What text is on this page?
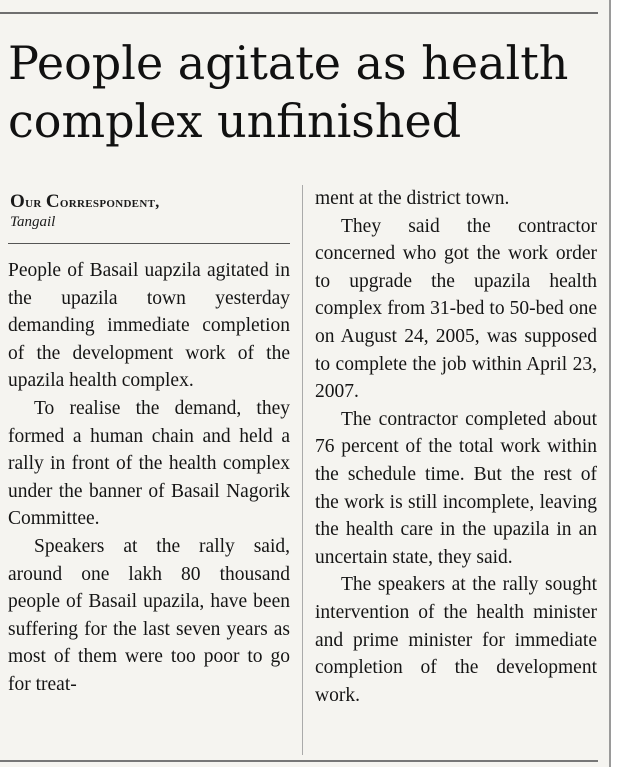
People agitate as health complex unfinished
Our Correspondent,
Tangail

People of Basail uapzila agitated in the upazila town yesterday demanding immediate completion of the development work of the upazila health complex.

To realise the demand, they formed a human chain and held a rally in front of the health complex under the banner of Basail Nagorik Committee.

Speakers at the rally said, around one lakh 80 thousand people of Basail upazila, have been suffering for the last seven years as most of them were too poor to go for treat-

ment at the district town.

They said the contractor concerned who got the work order to upgrade the upazila health complex from 31-bed to 50-bed one on August 24, 2005, was supposed to complete the job within April 23, 2007.

The contractor completed about 76 percent of the total work within the schedule time. But the rest of the work is still incomplete, leaving the health care in the upazila in an uncertain state, they said.

The speakers at the rally sought intervention of the health minister and prime minister for immediate completion of the development work.
